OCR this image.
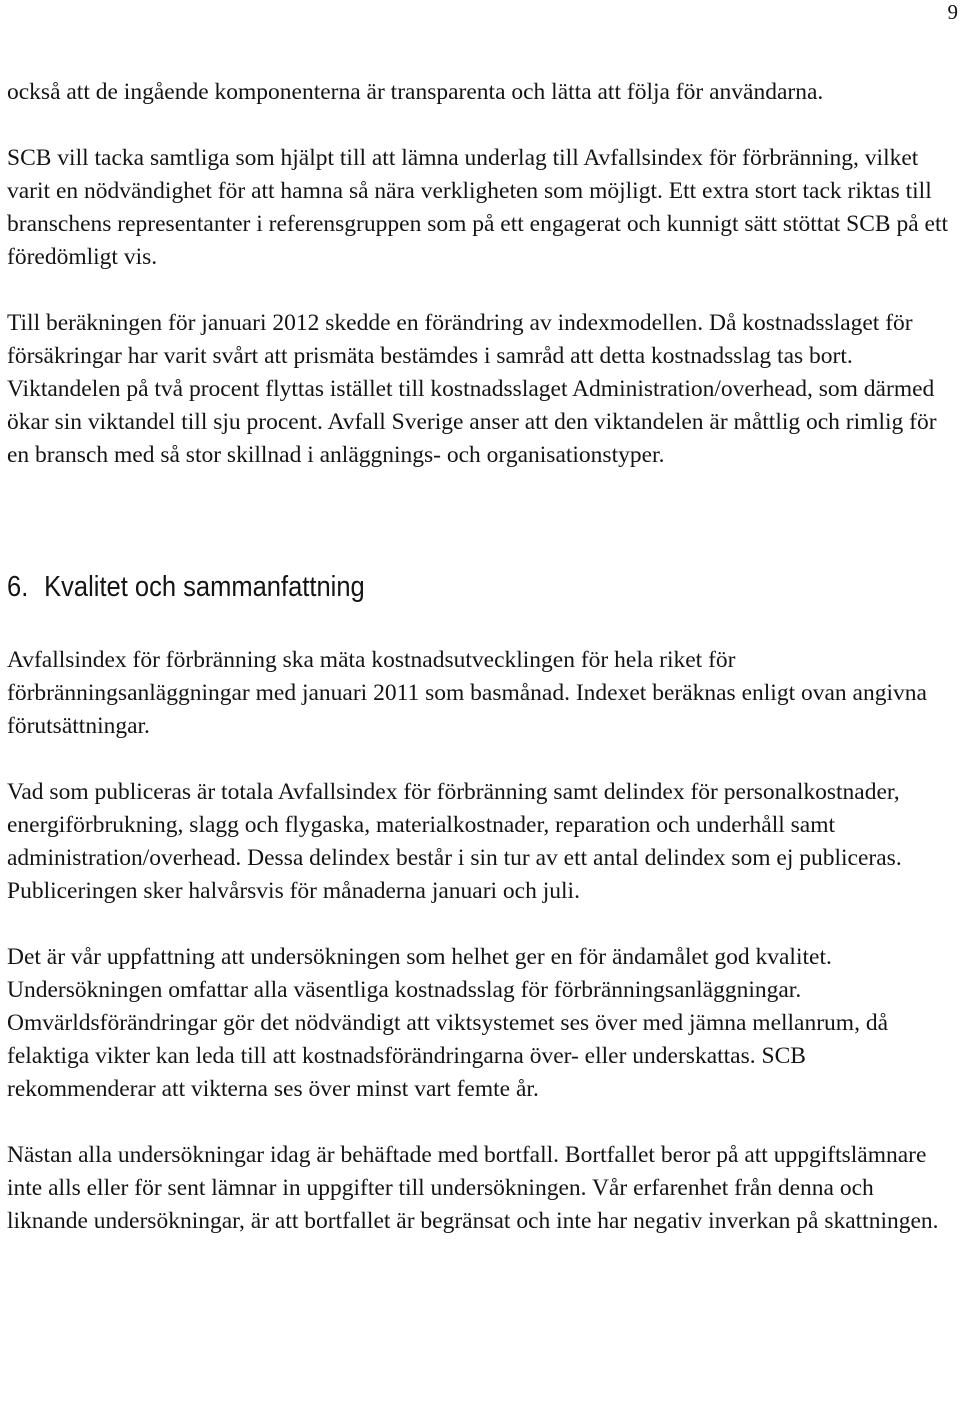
9

också att de ingående komponenterna är transparenta och lätta att följa för användarna.

SCB vill tacka samtliga som hjälpt till att lämna underlag till Avfallsindex för förbränning, vilket varit en nödvändighet för att hamna så nära verkligheten som möjligt. Ett extra stort tack riktas till branschens representanter i referensgruppen som på ett engagerat och kunnigt sätt stöttat SCB på ett föredömligt vis.

Till beräkningen för januari 2012 skedde en förändring av indexmodellen. Då kostnadsslaget för försäkringar har varit svårt att prismäta bestämdes i samråd att detta kostnadsslag tas bort. Viktandelen på två procent flyttas istället till kostnadsslaget Administration/overhead, som därmed ökar sin viktandel till sju procent. Avfall Sverige anser att den viktandelen är måttlig och rimlig för en bransch med så stor skillnad i anläggnings- och organisationstyper.

6. Kvalitet och sammanfattning

Avfallsindex för förbränning ska mäta kostnadsutvecklingen för hela riket för förbränningsanläggningar med januari 2011 som basmånad. Indexet beräknas enligt ovan angivna förutsättningar.

Vad som publiceras är totala Avfallsindex för förbränning samt delindex för personalkostnader, energiförbrukning, slagg och flygaska, materialkostnader, reparation och underhåll samt administration/overhead. Dessa delindex består i sin tur av ett antal delindex som ej publiceras. Publiceringen sker halvårsvis för månaderna januari och juli.

Det är vår uppfattning att undersökningen som helhet ger en för ändamålet god kvalitet. Undersökningen omfattar alla väsentliga kostnadsslag för förbränningsanläggningar. Omvärldsförändringar gör det nödvändigt att viktsystemet ses över med jämna mellanrum, då felaktiga vikter kan leda till att kostnadsförändringarna över- eller underskattas. SCB rekommenderar att vikterna ses över minst vart femte år.

Nästan alla undersökningar idag är behäftade med bortfall. Bortfallet beror på att uppgiftslämnare inte alls eller för sent lämnar in uppgifter till undersökningen. Vår erfarenhet från denna och liknande undersökningar, är att bortfallet är begränsat och inte har negativ inverkan på skattningen.
